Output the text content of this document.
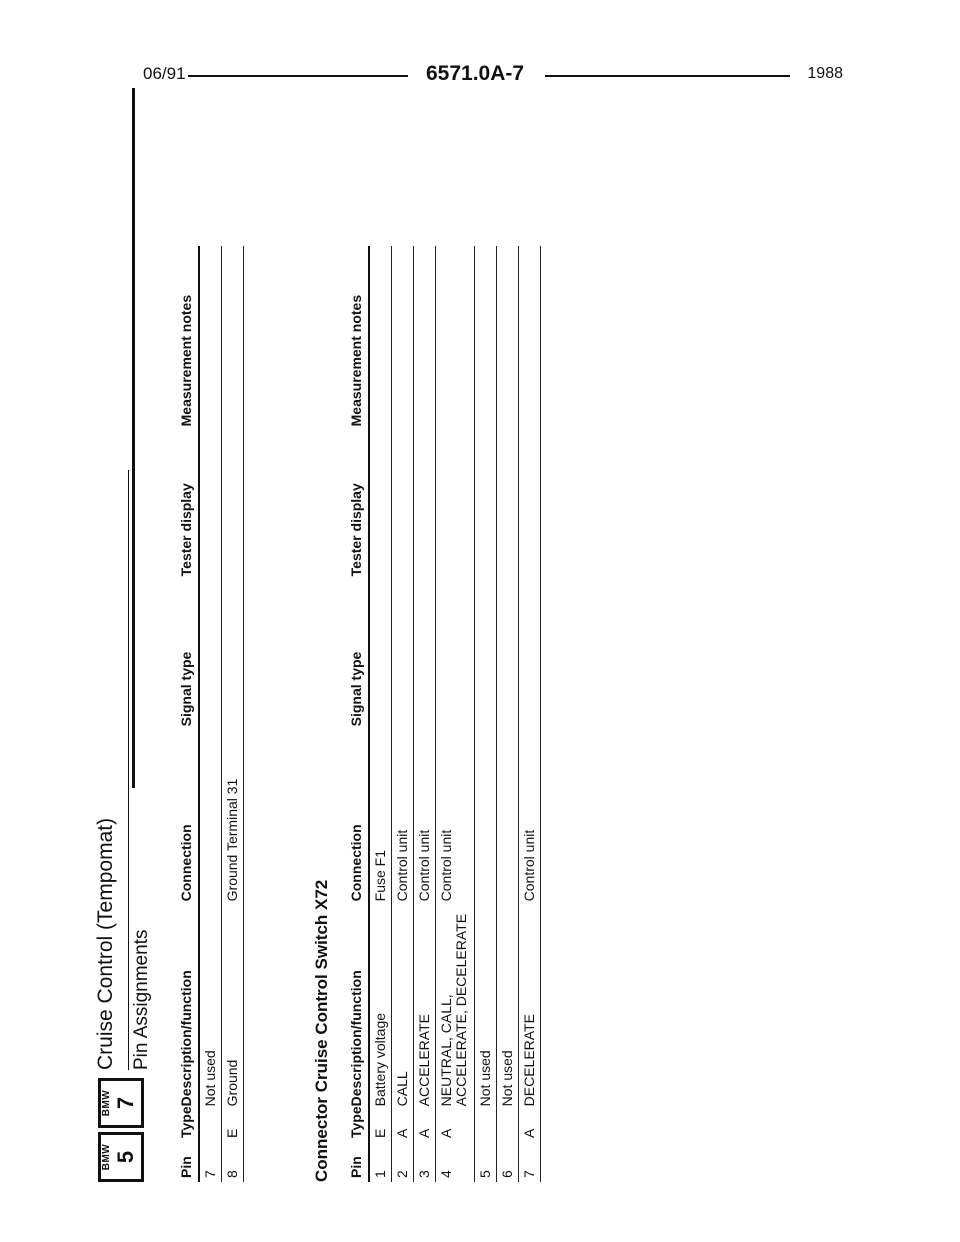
06/91	6571.0A-7	1988
BMW 5
BMW 7
Cruise Control (Tempomat) Pin Assignments
Pin	Type	Description/function	Connection	Signal type	Tester display	Measurement notes
7		Not used				
8	E	Ground	Ground Terminal 31			
Connector Cruise Control Switch X72 Pin	Type	Description/function	Connection	Signal type	Tester display	Measurement notes
1	E	Battery voltage	Fuse F1			
2	A	CALL	Control unit			
3	A	ACCELERATE	Control unit			
4	A	NEUTRAL, CALL, ACCELERATE, DECELERATE	Control unit			
5		Not used				
6		Not used				
7	A	DECELERATE	Control unit			
